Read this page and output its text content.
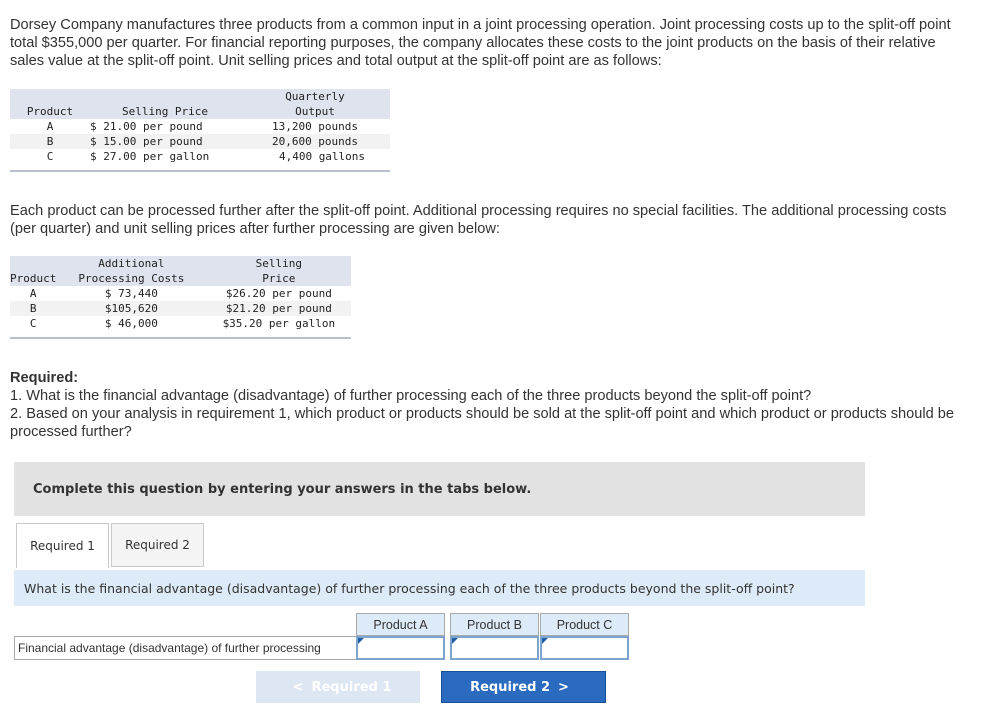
Dorsey Company manufactures three products from a common input in a joint processing operation. Joint processing costs up to the split-off point total $355,000 per quarter. For financial reporting purposes, the company allocates these costs to the joint products on the basis of their relative sales value at the split-off point. Unit selling prices and total output at the split-off point are as follows:

		Quarterly
Product	Selling Price	Output
A	$ 21.00 per pound	13,200 pounds
B	$ 15.00 per pound	20,600 pounds
C	$ 27.00 per gallon	4,400 gallons

Each product can be processed further after the split-off point. Additional processing requires no special facilities. The additional processing costs (per quarter) and unit selling prices after further processing are given below:

	Additional	Selling
Product	Processing Costs	Price
A	$ 73,440	$26.20 per pound
B	$105,620	$21.20 per pound
C	$ 46,000	$35.20 per gallon

Required:
1. What is the financial advantage (disadvantage) of further processing each of the three products beyond the split-off point?
2. Based on your analysis in requirement 1, which product or products should be sold at the split-off point and which product or products should be processed further?
Complete this question by entering your answers in the tabs below.
Required 1	Required 2
What is the financial advantage (disadvantage) of further processing each of the three products beyond the split-off point?
Product A	Product B	Product C
Financial advantage (disadvantage) of further processing
< Required 1	Required 2 >
